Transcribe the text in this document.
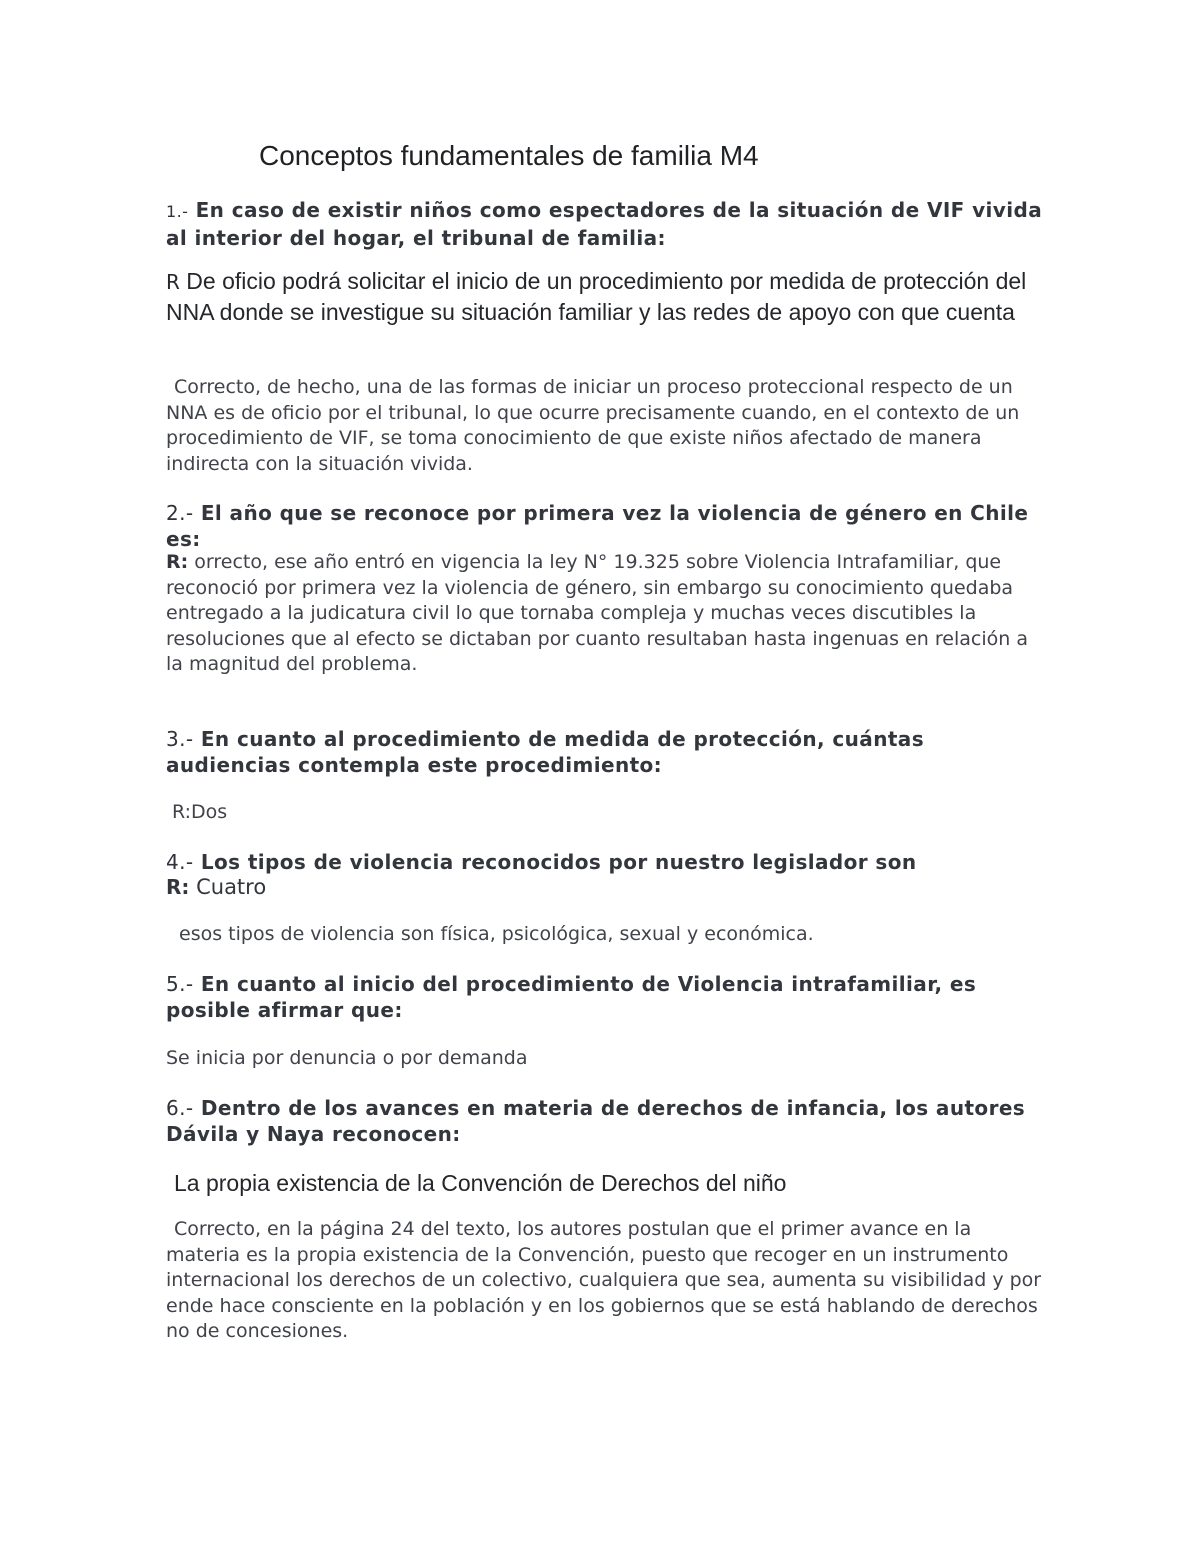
Conceptos fundamentales de familia M4

1.- En caso de existir niños como espectadores de la situación de VIF vivida al interior del hogar, el tribunal de familia:

R De oficio podrá solicitar el inicio de un procedimiento por medida de protección del NNA donde se investigue su situación familiar y las redes de apoyo con que cuenta

Correcto, de hecho, una de las formas de iniciar un proceso proteccional respecto de un NNA es de oficio por el tribunal, lo que ocurre precisamente cuando, en el contexto de un procedimiento de VIF, se toma conocimiento de que existe niños afectado de manera indirecta con la situación vivida.

2.- El año que se reconoce por primera vez la violencia de género en Chile es:

R: orrecto, ese año entró en vigencia la ley N° 19.325 sobre Violencia Intrafamiliar, que reconoció por primera vez la violencia de género, sin embargo su conocimiento quedaba entregado a la judicatura civil lo que tornaba compleja y muchas veces discutibles la resoluciones que al efecto se dictaban por cuanto resultaban hasta ingenuas en relación a la magnitud del problema.

3.- En cuanto al procedimiento de medida de protección, cuántas audiencias contempla este procedimiento:

R:Dos

4.- Los tipos de violencia reconocidos por nuestro legislador son

R: Cuatro

esos tipos de violencia son física, psicológica, sexual y económica.

5.- En cuanto al inicio del procedimiento de Violencia intrafamiliar, es posible afirmar que:

Se inicia por denuncia o por demanda

6.- Dentro de los avances en materia de derechos de infancia, los autores Dávila y Naya reconocen:

La propia existencia de la Convención de Derechos del niño

Correcto, en la página 24 del texto, los autores postulan que el primer avance en la materia es la propia existencia de la Convención, puesto que recoger en un instrumento internacional los derechos de un colectivo, cualquiera que sea, aumenta su visibilidad y por ende hace consciente en la población y en los gobiernos que se está hablando de derechos no de concesiones.
